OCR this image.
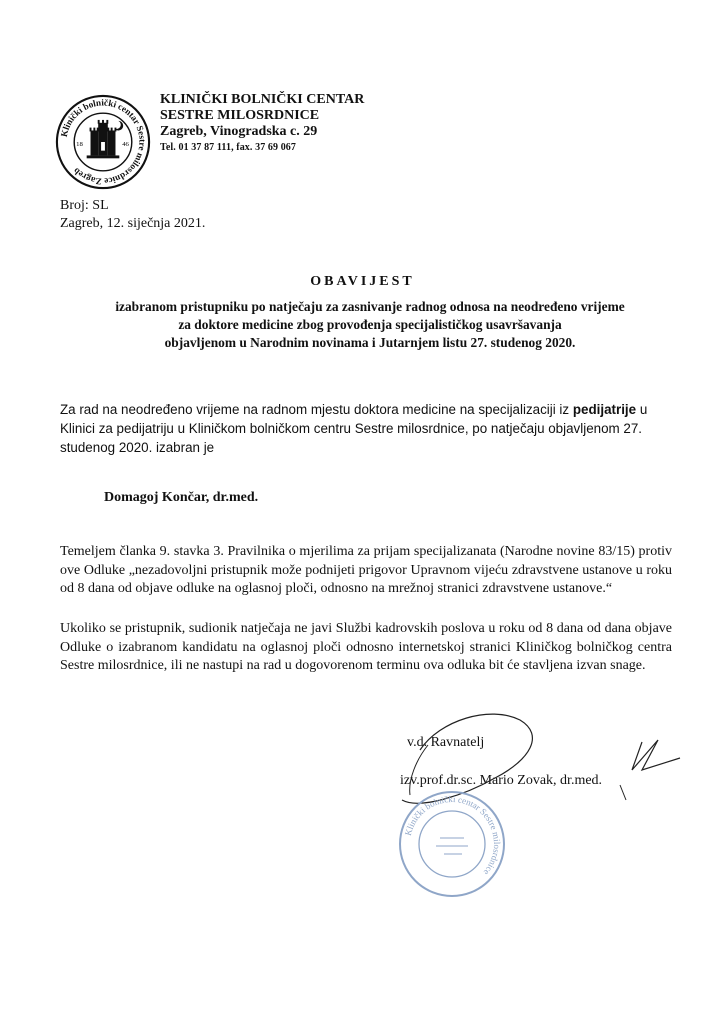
Klinički bolnički centar Sestre milosrdnice Zagreb
18	46
KLINIČKI BOLNIČKI CENTAR
SESTRE MILOSRDNICE
Zagreb, Vinogradska c. 29
Tel. 01 37 87 111, fax. 37 69 067
Broj: SL
Zagreb, 12. siječnja 2021.
OBAVIJEST
izabranom pristupniku po natječaju za zasnivanje radnog odnosa na neodređeno vrijeme
za doktore medicine zbog provođenja specijalističkog usavršavanja
objavljenom u Narodnim novinama i Jutarnjem listu 27. studenog 2020.
Za rad na neodređeno vrijeme na radnom mjestu doktora medicine na specijalizaciji iz pedijatrije u Klinici za pedijatriju u Kliničkom bolničkom centru Sestre milosrdnice, po natječaju objavljenom 27. studenog 2020. izabran je
Domagoj Končar, dr.med.
Temeljem članka 9. stavka 3. Pravilnika o mjerilima za prijam specijalizanata (Narodne novine 83/15) protiv ove Odluke „nezadovoljni pristupnik može podnijeti prigovor Upravnom vijeću zdravstvene ustanove u roku od 8 dana od objave odluke na oglasnoj ploči, odnosno na mrežnoj stranici zdravstvene ustanove.“
Ukoliko se pristupnik, sudionik natječaja ne javi Službi kadrovskih poslova u roku od 8 dana od dana objave Odluke o izabranom kandidatu na oglasnoj ploči odnosno internetskoj stranici Kliničkog bolničkog centra Sestre milosrdnice, ili ne nastupi na rad u dogovorenom terminu ova odluka bit će stavljena izvan snage.
v.d. Ravnatelj
izv.prof.dr.sc. Mario Zovak, dr.med.
Klinički bolnički centar Sestre milosrdnice
